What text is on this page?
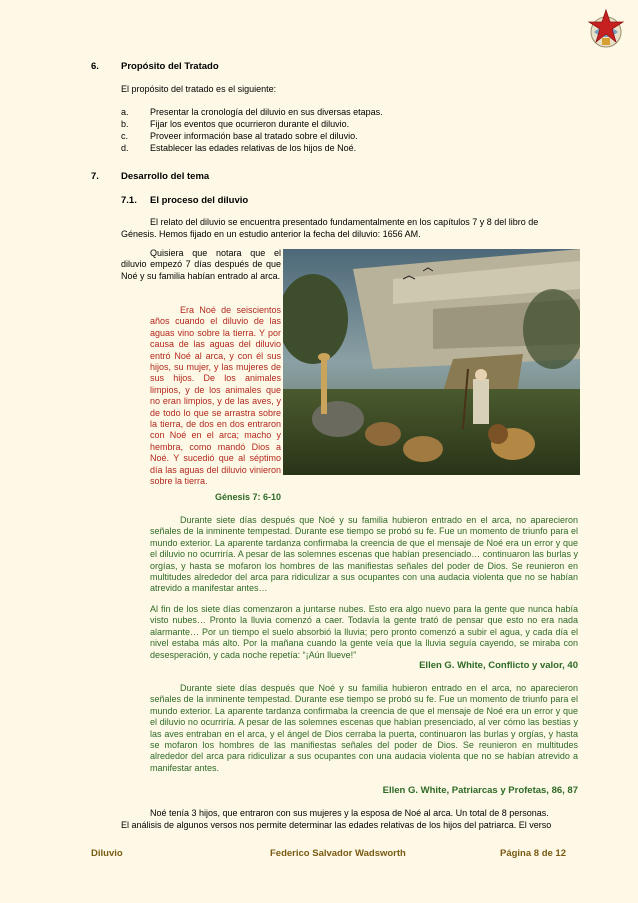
6. Propósito del Tratado
El propósito del tratado es el siguiente:
a. Presentar la cronología del diluvio en sus diversas etapas.
b. Fijar los eventos que ocurrieron durante el diluvio.
c. Proveer información base al tratado sobre el diluvio.
d. Establecer las edades relativas de los hijos de Noé.
7. Desarrollo del tema
7.1. El proceso del diluvio
El relato del diluvio se encuentra presentado fundamentalmente en los capítulos 7 y 8 del libro de
Génesis. Hemos fijado en un estudio anterior la fecha del diluvio: 1656 AM.
Quisiera que notara que el diluvio empezó 7 días después de que Noé y su familia habían entrado al arca.
Era Noé de seiscientos años cuando el diluvio de las aguas vino sobre la tierra. Y por causa de las aguas del diluvio entró Noé al arca, y con él sus hijos, su mujer, y las mujeres de sus hijos. De los animales limpios, y de los animales que no eran limpios, y de las aves, y de todo lo que se arrastra sobre la tierra, de dos en dos entraron con Noé en el arca; macho y hembra, como mandó Dios a Noé. Y sucedió que al séptimo día las aguas del diluvio vinieron sobre la tierra.
Génesis 7: 6-10
Durante siete días después que Noé y su familia hubieron entrado en el arca, no aparecieron señales de la inminente tempestad. Durante ese tiempo se probó su fe. Fue un momento de triunfo para el mundo exterior. La aparente tardanza confirmaba la creencia de que el mensaje de Noé era un error y que el diluvio no ocurriría. A pesar de las solemnes escenas que habían presenciado… continuaron las burlas y orgías, y hasta se mofaron los hombres de las manifiestas señales del poder de Dios. Se reunieron en multitudes alrededor del arca para ridiculizar a sus ocupantes con una audacia violenta que no se habían atrevido a manifestar antes…
Al fin de los siete días comenzaron a juntarse nubes. Esto era algo nuevo para la gente que nunca había visto nubes… Pronto la lluvia comenzó a caer. Todavía la gente trató de pensar que esto no era nada alarmante… Por un tiempo el suelo absorbió la lluvia; pero pronto comenzó a subir el agua, y cada día el nivel estaba más alto. Por la mañana cuando la gente veía que la lluvia seguía cayendo, se miraba con desesperación, y cada noche repetía: “¡Aún llueve!”
Ellen G. White, Conflicto y valor, 40
Durante siete días después que Noé y su familia hubieron entrado en el arca, no aparecieron señales de la inminente tempestad. Durante ese tiempo se probó su fe. Fue un momento de triunfo para el mundo exterior. La aparente tardanza confirmaba la creencia de que el mensaje de Noé era un error y que el diluvio no ocurriría. A pesar de las solemnes escenas que habían presenciado, al ver cómo las bestias y las aves entraban en el arca, y el ángel de Dios cerraba la puerta, continuaron las burlas y orgías, y hasta se mofaron los hombres de las manifiestas señales del poder de Dios. Se reunieron en multitudes alrededor del arca para ridiculizar a sus ocupantes con una audacia violenta que no se habían atrevido a manifestar antes.
Ellen G. White, Patriarcas y Profetas, 86, 87
Noé tenía 3 hijos, que entraron con sus mujeres y la esposa de Noé al arca. Un total de 8 personas.
El análisis de algunos versos nos permite determinar las edades relativas de los hijos del patriarca. El verso
Diluvio	Federico Salvador Wadsworth	Página 8 de 12
